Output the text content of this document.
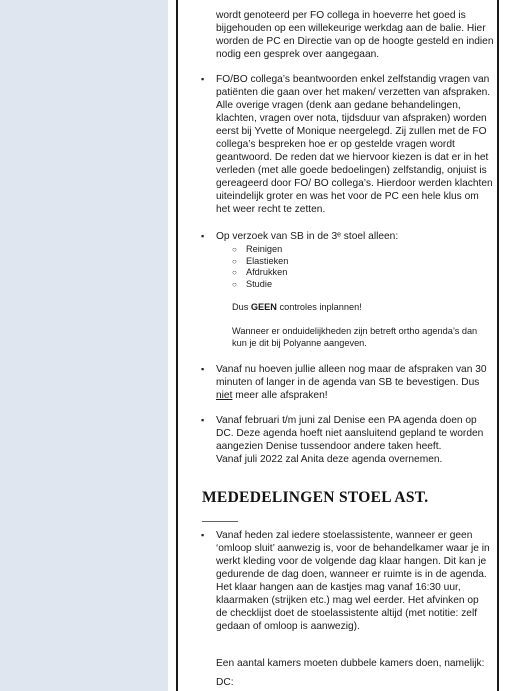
wordt genoteerd per FO collega in hoeverre het goed is

bijgehouden op een willekeurige werkdag aan de balie. Hier

worden de PC en Directie van op de hoogte gesteld en indien

nodig een gesprek over aangegaan.

▪ FO/BO collega’s beantwoorden enkel zelfstandig vragen van

patiënten die gaan over het maken/ verzetten van afspraken.

Alle overige vragen (denk aan gedane behandelingen,

klachten, vragen over nota, tijdsduur van afspraken) worden

eerst bij Yvette of Monique neergelegd. Zij zullen met de FO

collega’s bespreken hoe er op gestelde vragen wordt

geantwoord. De reden dat we hiervoor kiezen is dat er in het

verleden (met alle goede bedoelingen) zelfstandig, onjuist is

gereageerd door FO/ BO collega’s. Hierdoor werden klachten

uiteindelijk groter en was het voor de PC een hele klus om

het weer recht te zetten.

▪ Op verzoek van SB in de 3ᵉ stoel alleen:

○ Reinigen
○ Elastieken
○ Afdrukken
○ Studie
Dus GEEN controles inplannen!
Wanneer er onduidelijkheden zijn betreft ortho agenda’s dan
kun je dit bij Polyanne aangeven.
▪ Vanaf nu hoeven jullie alleen nog maar de afspraken van 30

minuten of langer in de agenda van SB te bevestigen. Dus

niet meer alle afspraken!

▪ Vanaf februari t/m juni zal Denise een PA agenda doen op

DC. Deze agenda hoeft niet aansluitend gepland te worden

aangezien Denise tussendoor andere taken heeft.

Vanaf juli 2022 zal Anita deze agenda overnemen.

MEDEDELINGEN STOEL AST.
▪ Vanaf heden zal iedere stoelassistente, wanneer er geen

‘omloop sluit’ aanwezig is, voor de behandelkamer waar je in

werkt kleding voor de volgende dag klaar hangen. Dit kan je

gedurende de dag doen, wanneer er ruimte is in de agenda.

Het klaar hangen aan de kastjes mag vanaf 16:30 uur,

klaarmaken (strijken etc.) mag wel eerder. Het afvinken op

de checklijst doet de stoelassistente altijd (met notitie: zelf

gedaan of omloop is aanwezig).

Een aantal kamers moeten dubbele kamers doen, namelijk:

DC:
